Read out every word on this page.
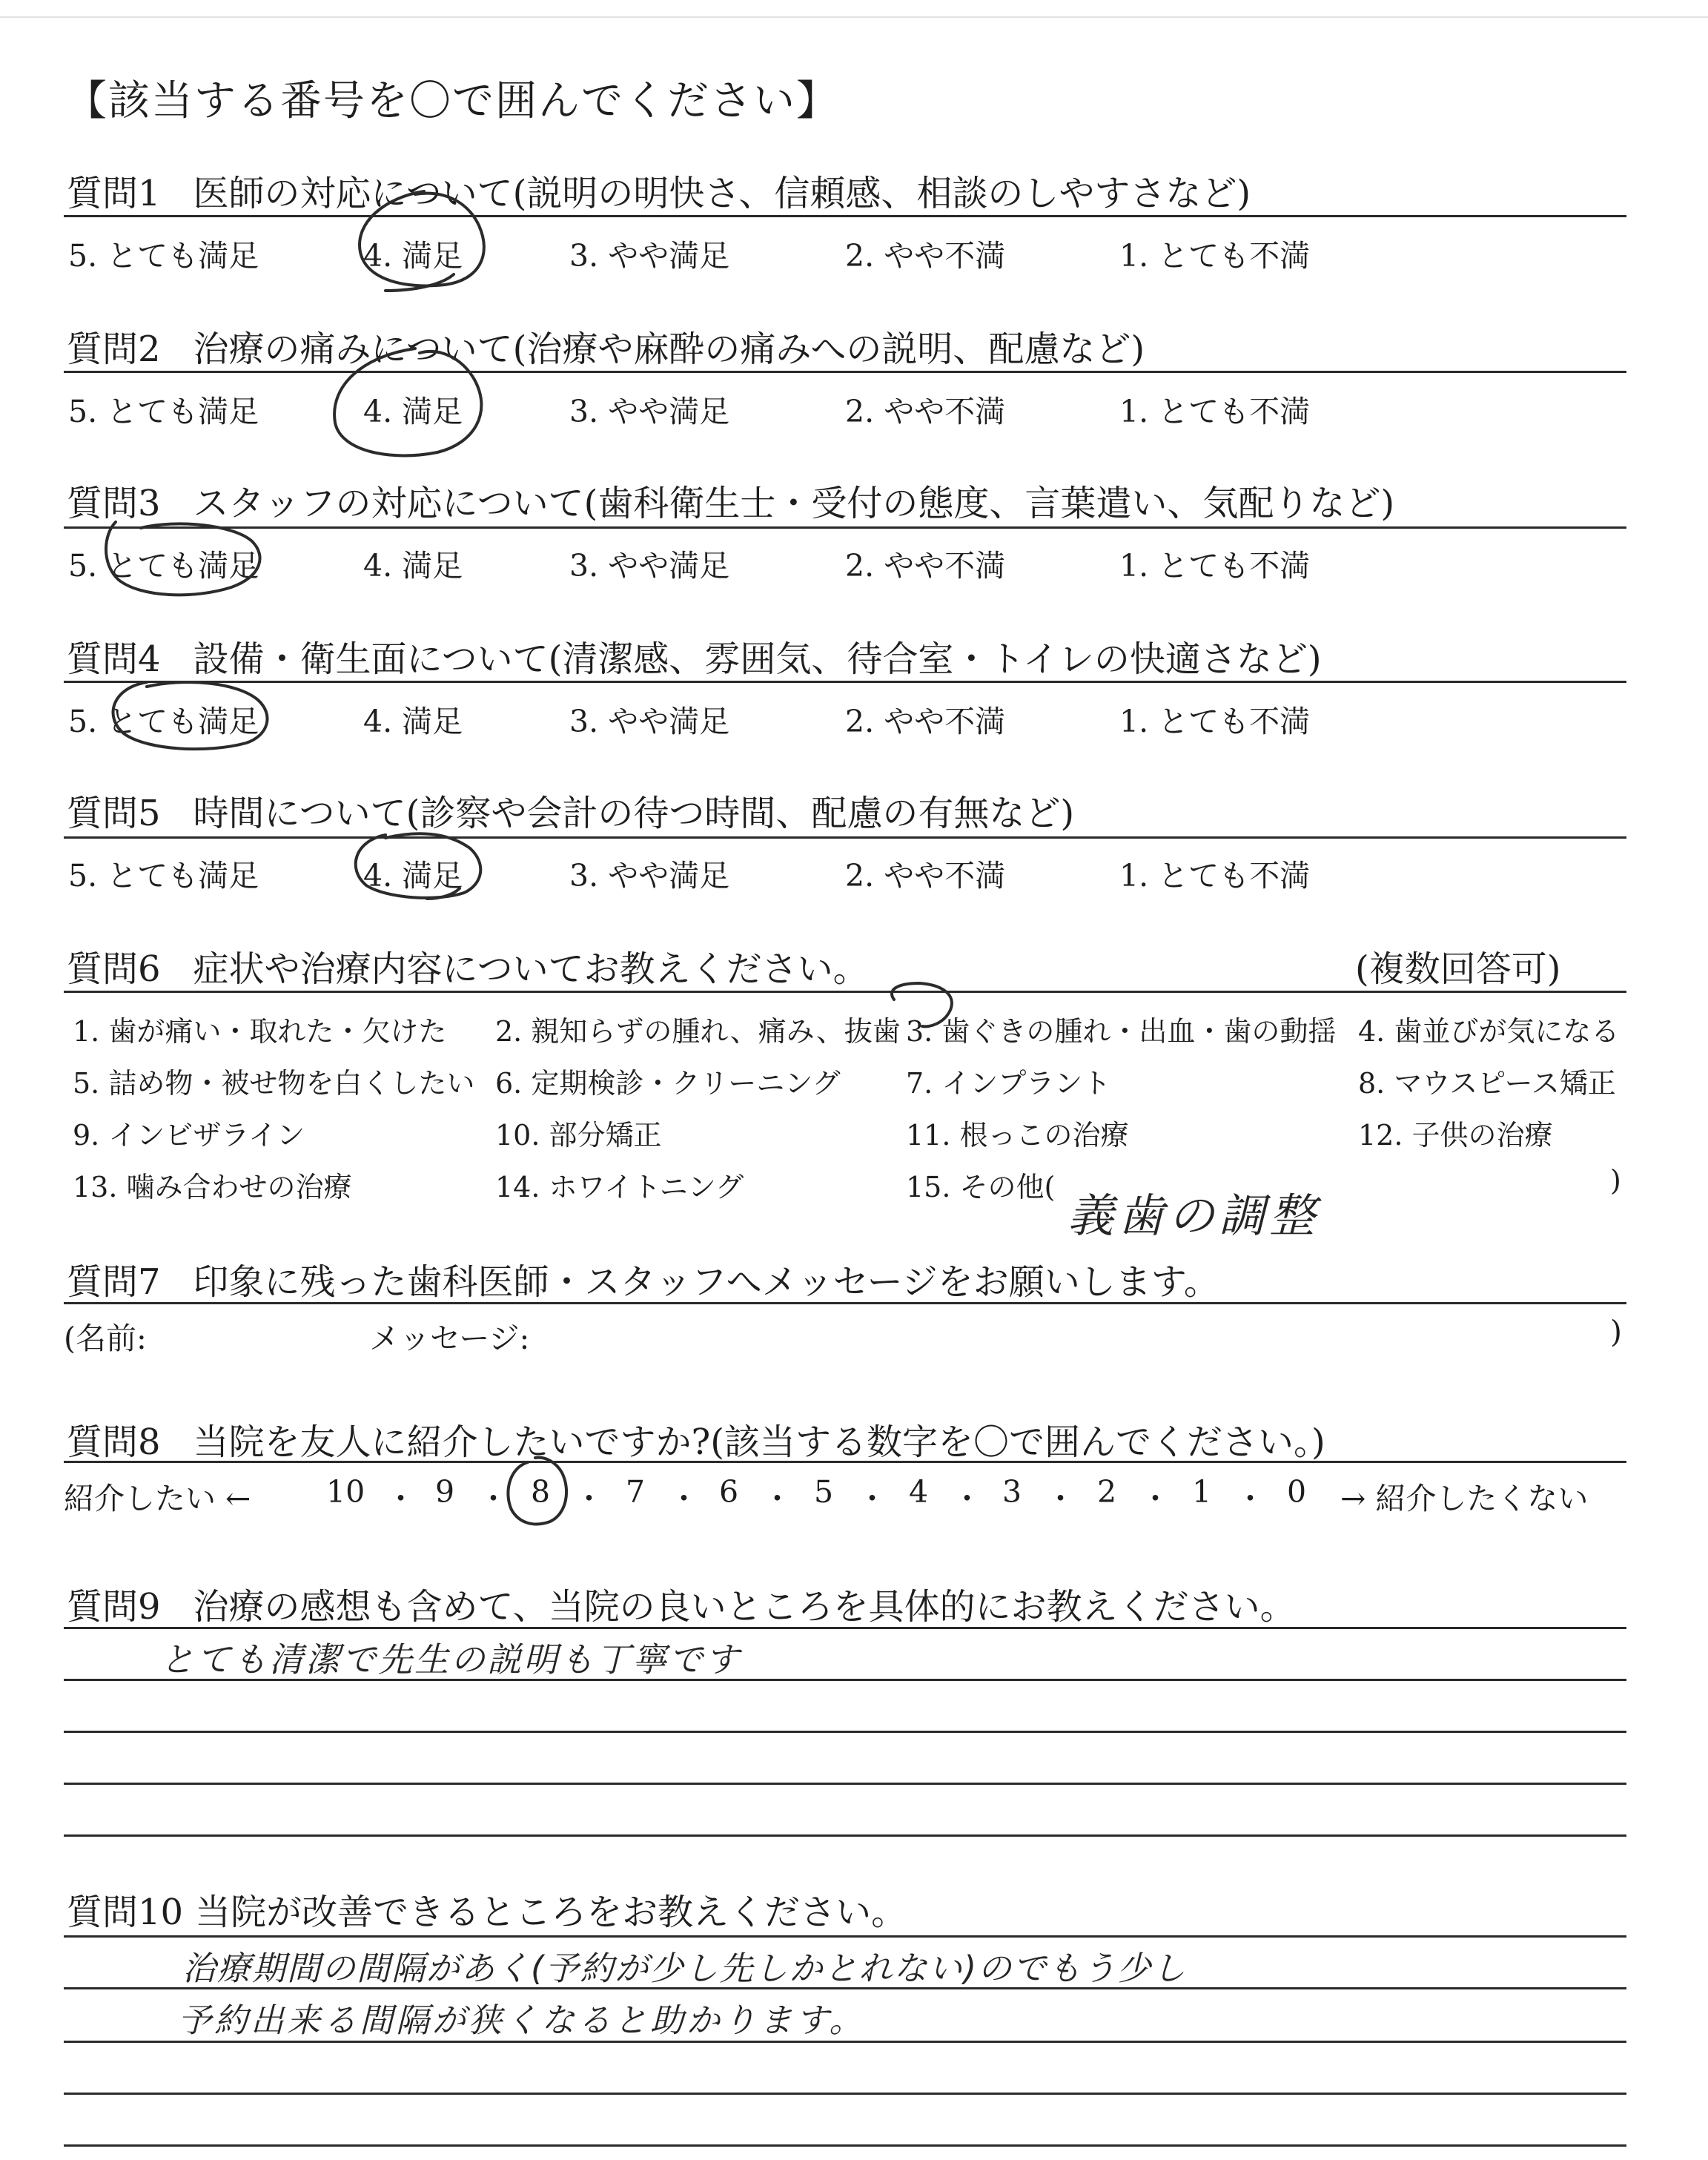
【該当する番号を〇で囲んでください】
質問1 医師の対応について(説明の明快さ、信頼感、相談のしやすさなど)
5. とても満足	4. 満足	3. やや満足	2. やや不満	1. とても不満
質問2 治療の痛みについて(治療や麻酔の痛みへの説明、配慮など)
5. とても満足	4. 満足	3. やや満足	2. やや不満	1. とても不満
質問3 スタッフの対応について(歯科衛生士・受付の態度、言葉遣い、気配りなど)
5. とても満足	4. 満足	3. やや満足	2. やや不満	1. とても不満
質問4 設備・衛生面について(清潔感、雰囲気、待合室・トイレの快適さなど)
5. とても満足	4. 満足	3. やや満足	2. やや不満	1. とても不満
質問5 時間について(診察や会計の待つ時間、配慮の有無など)
5. とても満足	4. 満足	3. やや満足	2. やや不満	1. とても不満
質問6 症状や治療内容についてお教えください。	(複数回答可)
1. 歯が痛い・取れた・欠けた 2. 親知らずの腫れ、痛み、抜歯 3. 歯ぐきの腫れ・出血・歯の動揺 4. 歯並びが気になる
5. 詰め物・被せ物を白くしたい 6. 定期検診・クリーニング 7. インプラント	8. マウスピース矯正
9. インビザライン	10. 部分矯正	11. 根っこの治療	12. 子供の治療
13. 噛み合わせの治療	14. ホワイトニング	15. その他(	)
義歯の調整
質問7 印象に残った歯科医師・スタッフへメッセージをお願いします。
(名前:	メッセージ:	)
質問8 当院を友人に紹介したいですか?(該当する数字を〇で囲んでください。)
紹介したい ←	→ 紹介したくない
10 ・ 9 ・ 8 ・ 7 ・ 6 ・ 5 ・ 4 ・ 3 ・ 2 ・ 1 ・ 0
質問9 治療の感想も含めて、当院の良いところを具体的にお教えください。
とても清潔で先生の説明も丁寧です
質問10 当院が改善できるところをお教えください。
治療期間の間隔があく(予約が少し先しかとれない)のでもう少し
予約出来る間隔が狭くなると助かります。
